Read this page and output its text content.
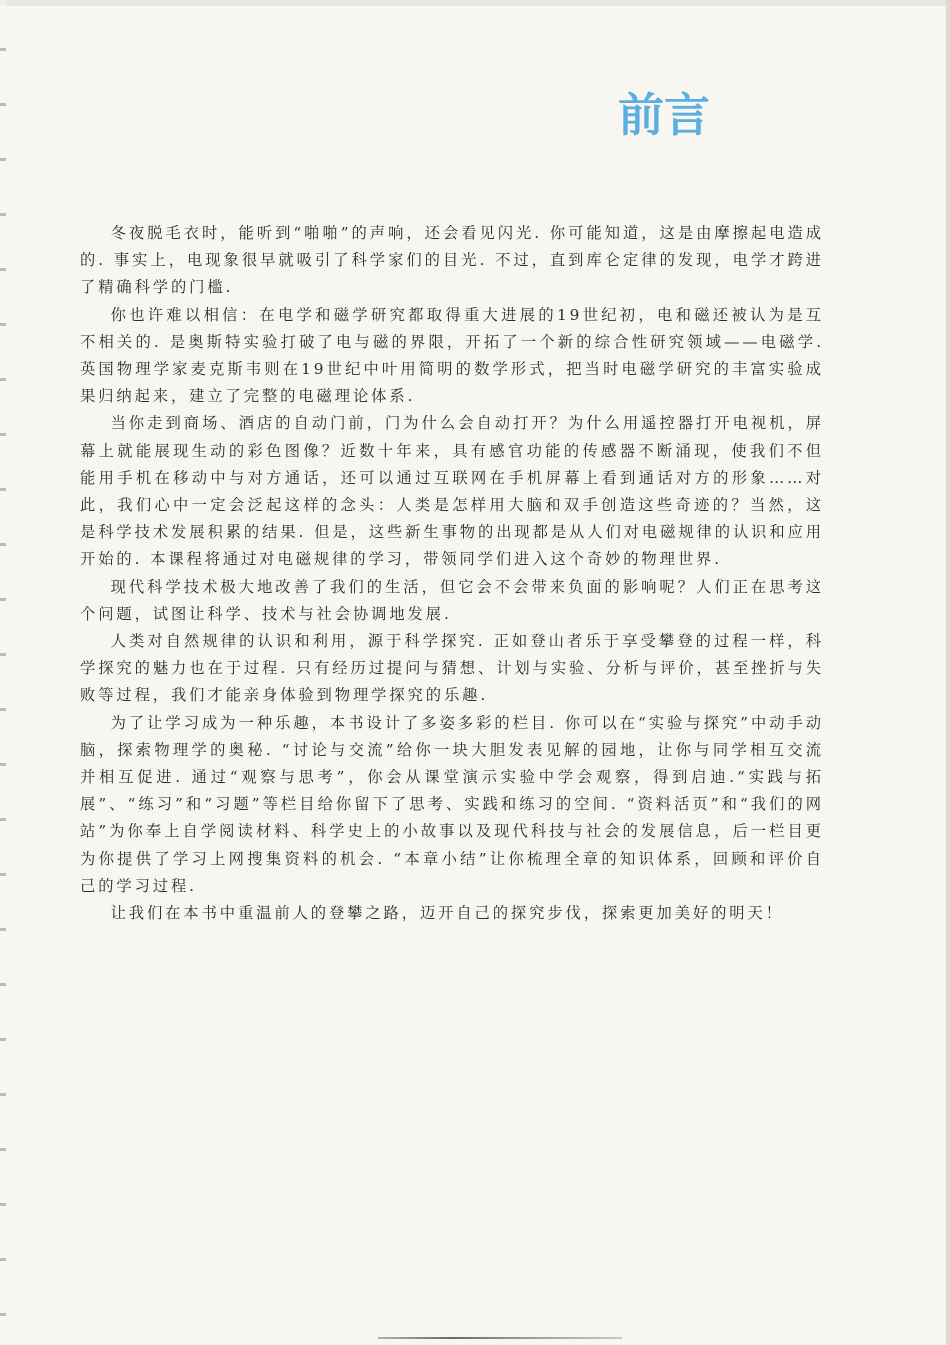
前言

冬夜脱毛衣时，能听到“啪啪”的声响，还会看见闪光. 你可能知道，这是由摩擦起电造成的. 事实上，电现象很早就吸引了科学家们的目光. 不过，直到库仑定律的发现，电学才跨进了精确科学的门槛.

你也许难以相信：在电学和磁学研究都取得重大进展的19世纪初，电和磁还被认为是互不相关的. 是奥斯特实验打破了电与磁的界限，开拓了一个新的综合性研究领域——电磁学. 英国物理学家麦克斯韦则在19世纪中叶用简明的数学形式，把当时电磁学研究的丰富实验成果归纳起来，建立了完整的电磁理论体系.

当你走到商场、酒店的自动门前，门为什么会自动打开？为什么用遥控器打开电视机，屏幕上就能展现生动的彩色图像？近数十年来，具有感官功能的传感器不断涌现，使我们不但能用手机在移动中与对方通话，还可以通过互联网在手机屏幕上看到通话对方的形象……对此，我们心中一定会泛起这样的念头：人类是怎样用大脑和双手创造这些奇迹的？当然，这是科学技术发展积累的结果. 但是，这些新生事物的出现都是从人们对电磁规律的认识和应用开始的. 本课程将通过对电磁规律的学习，带领同学们进入这个奇妙的物理世界.

现代科学技术极大地改善了我们的生活，但它会不会带来负面的影响呢？人们正在思考这个问题，试图让科学、技术与社会协调地发展.

人类对自然规律的认识和利用，源于科学探究. 正如登山者乐于享受攀登的过程一样，科学探究的魅力也在于过程. 只有经历过提问与猜想、计划与实验、分析与评价，甚至挫折与失败等过程，我们才能亲身体验到物理学探究的乐趣.

为了让学习成为一种乐趣，本书设计了多姿多彩的栏目. 你可以在“实验与探究”中动手动脑，探索物理学的奥秘. “讨论与交流”给你一块大胆发表见解的园地，让你与同学相互交流并相互促进. 通过“观察与思考”，你会从课堂演示实验中学会观察，得到启迪.“实践与拓展”、“练习”和“习题”等栏目给你留下了思考、实践和练习的空间. “资料活页”和“我们的网站”为你奉上自学阅读材料、科学史上的小故事以及现代科技与社会的发展信息，后一栏目更为你提供了学习上网搜集资料的机会. “本章小结”让你梳理全章的知识体系，回顾和评价自己的学习过程.

让我们在本书中重温前人的登攀之路，迈开自己的探究步伐，探索更加美好的明天！
